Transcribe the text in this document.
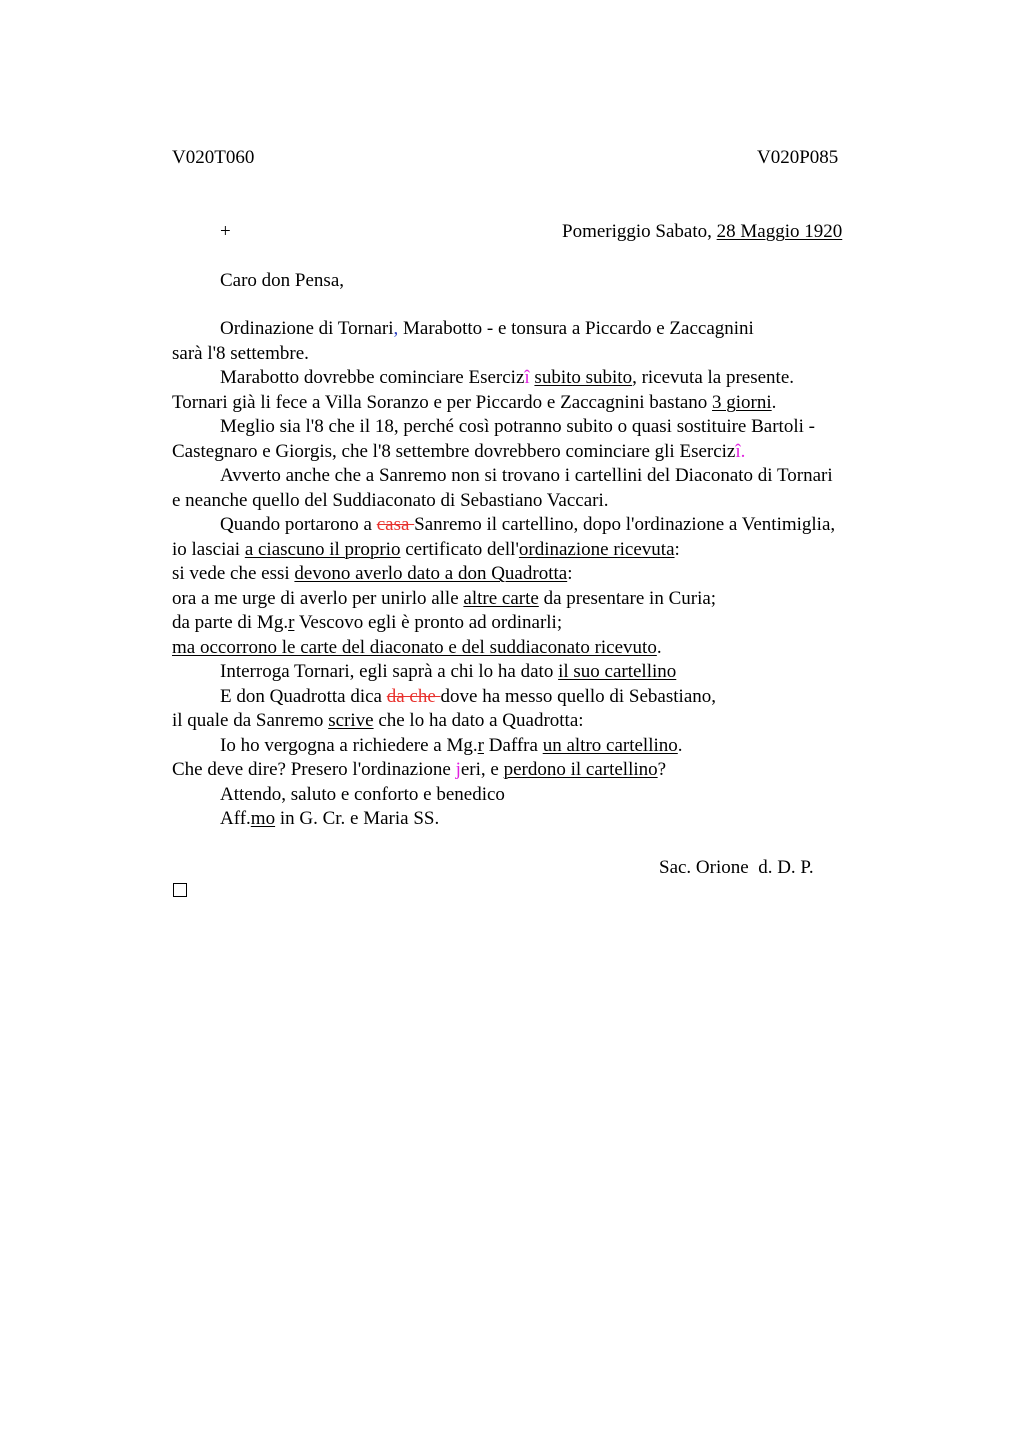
V020T060	V020P085
+	Pomeriggio Sabato, 28 Maggio 1920
Caro don Pensa,
Ordinazione di Tornari, Marabotto - e tonsura a Piccardo e Zaccagnini
sarà l'8 settembre.
Marabotto dovrebbe cominciare Esercizî subito subito, ricevuta la presente.
Tornari già li fece a Villa Soranzo e per Piccardo e Zaccagnini bastano 3 giorni.
Meglio sia l'8 che il 18, perché così potranno subito o quasi sostituire Bartoli -
Castegnaro e Giorgis, che l'8 settembre dovrebbero cominciare gli Esercizî.
Avverto anche che a Sanremo non si trovano i cartellini del Diaconato di Tornari
e neanche quello del Suddiaconato di Sebastiano Vaccari.
Quando portarono a casa Sanremo il cartellino, dopo l'ordinazione a Ventimiglia,
io lasciai a ciascuno il proprio certificato dell'ordinazione ricevuta:
si vede che essi devono averlo dato a don Quadrotta:
ora a me urge di averlo per unirlo alle altre carte da presentare in Curia;
da parte di Mg.r Vescovo egli è pronto ad ordinarli;
ma occorrono le carte del diaconato e del suddiaconato ricevuto.
Interroga Tornari, egli saprà a chi lo ha dato il suo cartellino
E don Quadrotta dica da che dove ha messo quello di Sebastiano,
il quale da Sanremo scrive che lo ha dato a Quadrotta:
Io ho vergogna a richiedere a Mg.r Daffra un altro cartellino.
Che deve dire? Presero l'ordinazione jeri, e perdono il cartellino?
Attendo, saluto e conforto e benedico
Aff.mo in G. Cr. e Maria SS.
Sac. Orione  d. D. P.
